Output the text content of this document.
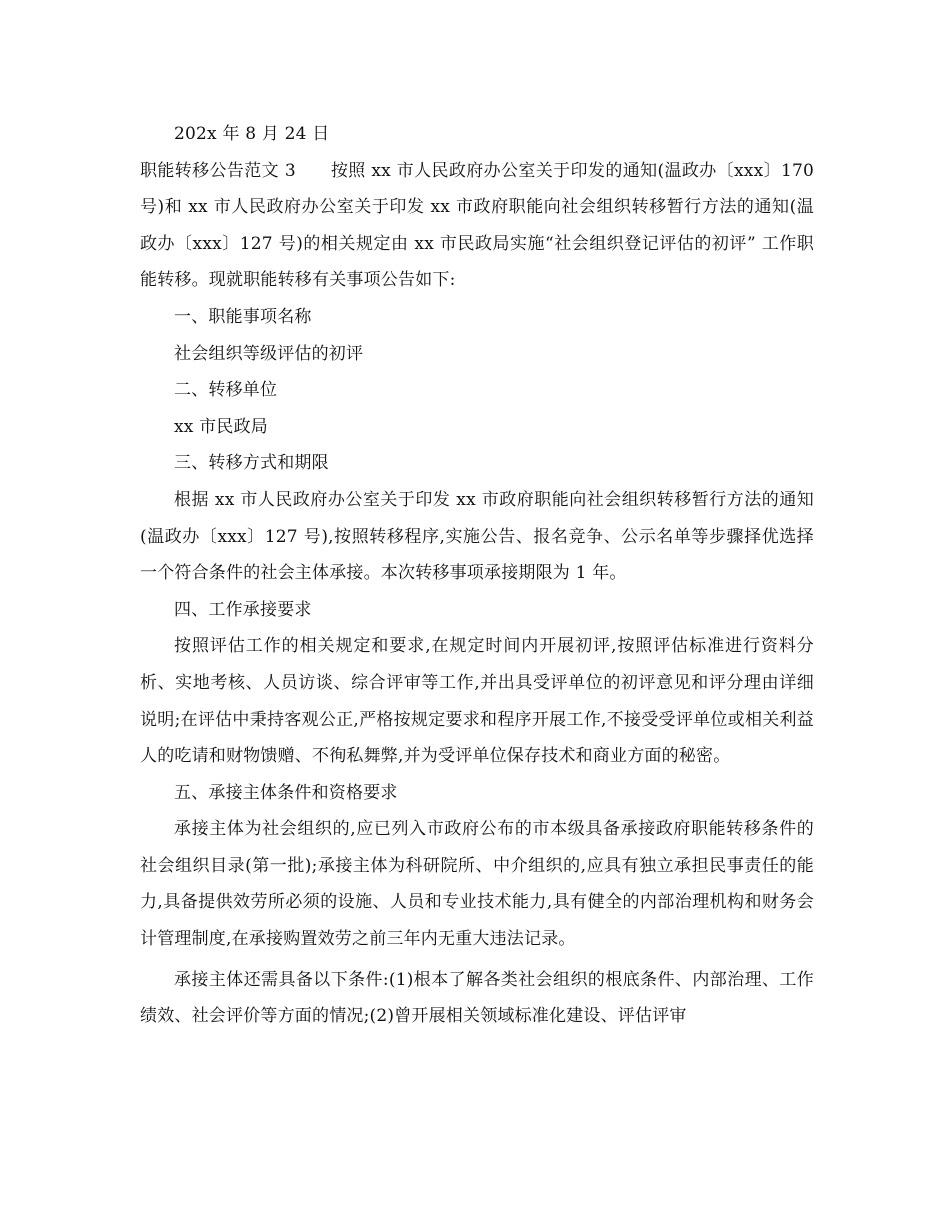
202x 年 8 月 24 日

职能转移公告范文 3　　按照 xx 市人民政府办公室关于印发的通知(温政办〔xxx〕170 号)和 xx 市人民政府办公室关于印发 xx 市政府职能向社会组织转移暂行方法的通知(温政办〔xxx〕127 号)的相关规定由 xx 市民政局实施“社会组织登记评估的初评” 工作职能转移。现就职能转移有关事项公告如下:

一、职能事项名称

社会组织等级评估的初评

二、转移单位

xx 市民政局

三、转移方式和期限

根据 xx 市人民政府办公室关于印发 xx 市政府职能向社会组织转移暂行方法的通知(温政办〔xxx〕127 号),按照转移程序,实施公告、报名竞争、公示名单等步骤择优选择一个符合条件的社会主体承接。本次转移事项承接期限为 1 年。

四、工作承接要求

按照评估工作的相关规定和要求,在规定时间内开展初评,按照评估标准进行资料分析、实地考核、人员访谈、综合评审等工作,并出具受评单位的初评意见和评分理由详细说明;在评估中秉持客观公正,严格按规定要求和程序开展工作,不接受受评单位或相关利益人的吃请和财物馈赠、不徇私舞弊,并为受评单位保存技术和商业方面的秘密。

五、承接主体条件和资格要求

承接主体为社会组织的,应已列入市政府公布的市本级具备承接政府职能转移条件的社会组织目录(第一批);承接主体为科研院所、中介组织的,应具有独立承担民事责任的能力,具备提供效劳所必须的设施、人员和专业技术能力,具有健全的内部治理机构和财务会计管理制度,在承接购置效劳之前三年内无重大违法记录。

承接主体还需具备以下条件:(1)根本了解各类社会组织的根底条件、内部治理、工作绩效、社会评价等方面的情况;(2)曾开展相关领域标准化建设、评估评审
